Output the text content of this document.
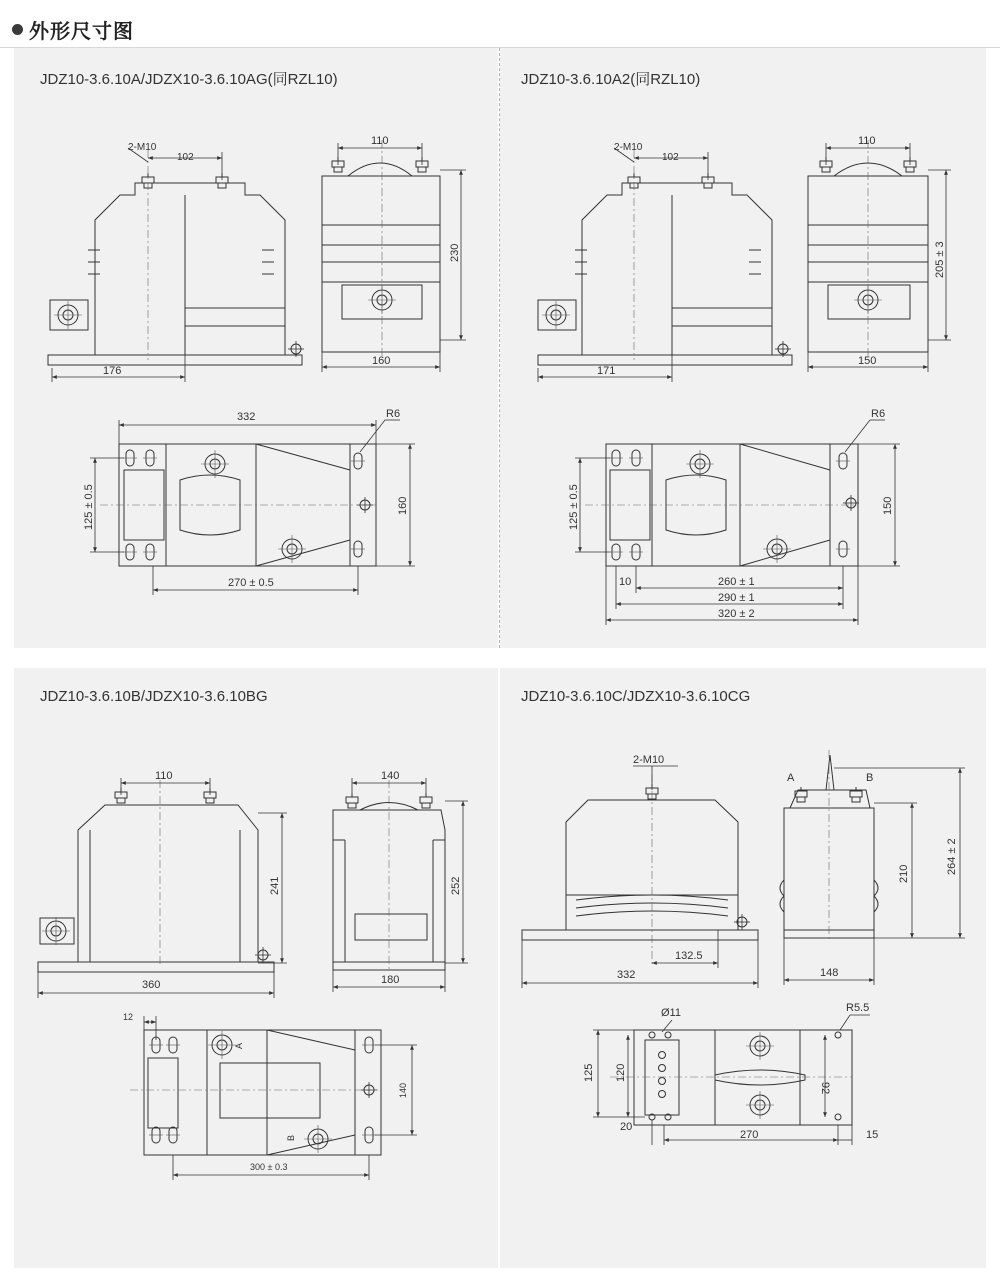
外形尺寸图
JDZ10-3.6.10A/JDZX10-3.6.10AG(同RZL10)	JDZ10-3.6.10A2(同RZL10)
JDZ10-3.6.10B/JDZX10-3.6.10BG	JDZ10-3.6.10C/JDZX10-3.6.10CG
2-M10
102
176
110
230
160
332	R6
125 ± 0.5	160
270 ± 0.5
2-M10
102
171
110
205 ± 3
150
R6
125 ± 0.5	150
10	260 ± 1
290 ± 1
320 ± 2
110
241
360
140
252
180
12
A
B
140
300 ± 0.3
2-M10
132.5
332
A	B
210	264 ± 2
148
Ø11	R5.5
125 120
92
20
270	15
